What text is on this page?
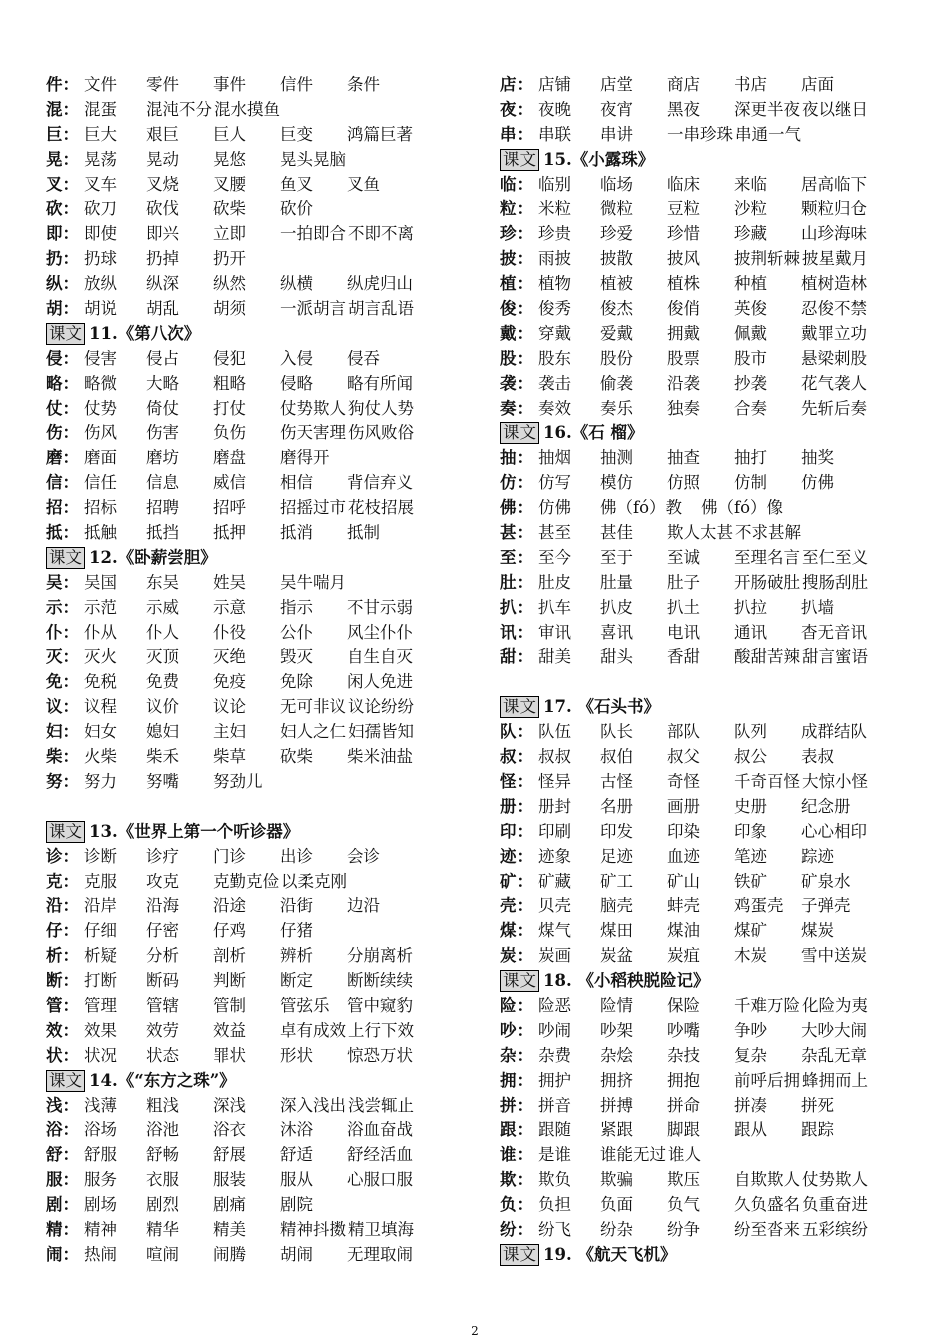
件： 文件 零件 事件 信件 条件
混： 混蛋 混沌不分 混水摸鱼
巨： 巨大 艰巨 巨人 巨变 鸿篇巨著
晃： 晃荡 晃动 晃悠 晃头晃脑
叉： 叉车 叉烧 叉腰 鱼叉 叉鱼
砍： 砍刀 砍伐 砍柴 砍价
即： 即使 即兴 立即 一拍即合 不即不离
扔： 扔球 扔掉 扔开
纵： 放纵 纵深 纵然 纵横 纵虎归山
胡： 胡说 胡乱 胡须 一派胡言 胡言乱语
课文 11.《第八次》
侵： 侵害 侵占 侵犯 入侵 侵吞
略： 略微 大略 粗略 侵略 略有所闻
仗： 仗势 倚仗 打仗 仗势欺人 狗仗人势
伤： 伤风 伤害 负伤 伤天害理 伤风败俗
磨： 磨面 磨坊 磨盘 磨得开
信： 信任 信息 威信 相信 背信弃义
招： 招标 招聘 招呼 招摇过市 花枝招展
抵： 抵触 抵挡 抵押 抵消 抵制
课文 12.《卧薪尝胆》
吴： 吴国 东吴 姓吴 吴牛喘月
示： 示范 示威 示意 指示 不甘示弱
仆： 仆从 仆人 仆役 公仆 风尘仆仆
灭： 灭火 灭顶 灭绝 毁灭 自生自灭
免： 免税 免费 免疫 免除 闲人免进
议： 议程 议价 议论 无可非议 议论纷纷
妇： 妇女 媳妇 主妇 妇人之仁 妇孺皆知
柴： 火柴 柴禾 柴草 砍柴 柴米油盐
努： 努力 努嘴 努劲儿
课文 13.《世界上第一个听诊器》
诊： 诊断 诊疗 门诊 出诊 会诊
克： 克服 攻克 克勤克俭 以柔克刚
沿： 沿岸 沿海 沿途 沿街 边沿
仔： 仔细 仔密 仔鸡 仔猪
析： 析疑 分析 剖析 辨析 分崩离析
断： 打断 断码 判断 断定 断断续续
管： 管理 管辖 管制 管弦乐 管中窥豹
效： 效果 效劳 效益 卓有成效 上行下效
状： 状况 状态 罪状 形状 惊恐万状
课文 14.《“东方之珠”》
浅： 浅薄 粗浅 深浅 深入浅出 浅尝辄止
浴： 浴场 浴池 浴衣 沐浴 浴血奋战
舒： 舒服 舒畅 舒展 舒适 舒经活血
服： 服务 衣服 服装 服从 心服口服
剧： 剧场 剧烈 剧痛 剧院
精： 精神 精华 精美 精神抖擞 精卫填海
闹： 热闹 喧闹 闹腾 胡闹 无理取闹
店： 店铺 店堂 商店 书店 店面
夜： 夜晚 夜宵 黑夜 深更半夜 夜以继日
串： 串联 串讲 一串珍珠 串通一气
课文 15.《小露珠》
临： 临别 临场 临床 来临 居高临下
粒： 米粒 微粒 豆粒 沙粒 颗粒归仓
珍： 珍贵 珍爱 珍惜 珍藏 山珍海味
披： 雨披 披散 披风 披荆斩棘 披星戴月
植： 植物 植被 植株 种植 植树造林
俊： 俊秀 俊杰 俊俏 英俊 忍俊不禁
戴： 穿戴 爱戴 拥戴 佩戴 戴罪立功
股： 股东 股份 股票 股市 悬梁刺股
袭： 袭击 偷袭 沿袭 抄袭 花气袭人
奏： 奏效 奏乐 独奏 合奏 先斩后奏
课文 16.《石 榴》
抽： 抽烟 抽测 抽查 抽打 抽奖
仿： 仿写 模仿 仿照 仿制 仿佛
佛： 仿佛 佛（fó）教 佛（fó）像
甚： 甚至 甚佳 欺人太甚 不求甚解
至： 至今 至于 至诚 至理名言 至仁至义
肚： 肚皮 肚量 肚子 开肠破肚 搜肠刮肚
扒： 扒车 扒皮 扒土 扒拉 扒墙
讯： 审讯 喜讯 电讯 通讯 杳无音讯
甜： 甜美 甜头 香甜 酸甜苦辣 甜言蜜语
课文 17. 《石头书》
队： 队伍 队长 部队 队列 成群结队
叔： 叔叔 叔伯 叔父 叔公 表叔
怪： 怪异 古怪 奇怪 千奇百怪 大惊小怪
册： 册封 名册 画册 史册 纪念册
印： 印刷 印发 印染 印象 心心相印
迹： 迹象 足迹 血迹 笔迹 踪迹
矿： 矿藏 矿工 矿山 铁矿 矿泉水
壳： 贝壳 脑壳 蚌壳 鸡蛋壳 子弹壳
煤： 煤气 煤田 煤油 煤矿 煤炭
炭： 炭画 炭盆 炭疽 木炭 雪中送炭
课文 18. 《小稻秧脱险记》
险： 险恶 险情 保险 千难万险 化险为夷
吵： 吵闹 吵架 吵嘴 争吵 大吵大闹
杂： 杂费 杂烩 杂技 复杂 杂乱无章
拥： 拥护 拥挤 拥抱 前呼后拥 蜂拥而上
拼： 拼音 拼搏 拼命 拼凑 拼死
跟： 跟随 紧跟 脚跟 跟从 跟踪
谁： 是谁 谁能无过 谁人
欺： 欺负 欺骗 欺压 自欺欺人 仗势欺人
负： 负担 负面 负气 久负盛名 负重奋进
纷： 纷飞 纷杂 纷争 纷至沓来 五彩缤纷
课文 19. 《航天飞机》
2
